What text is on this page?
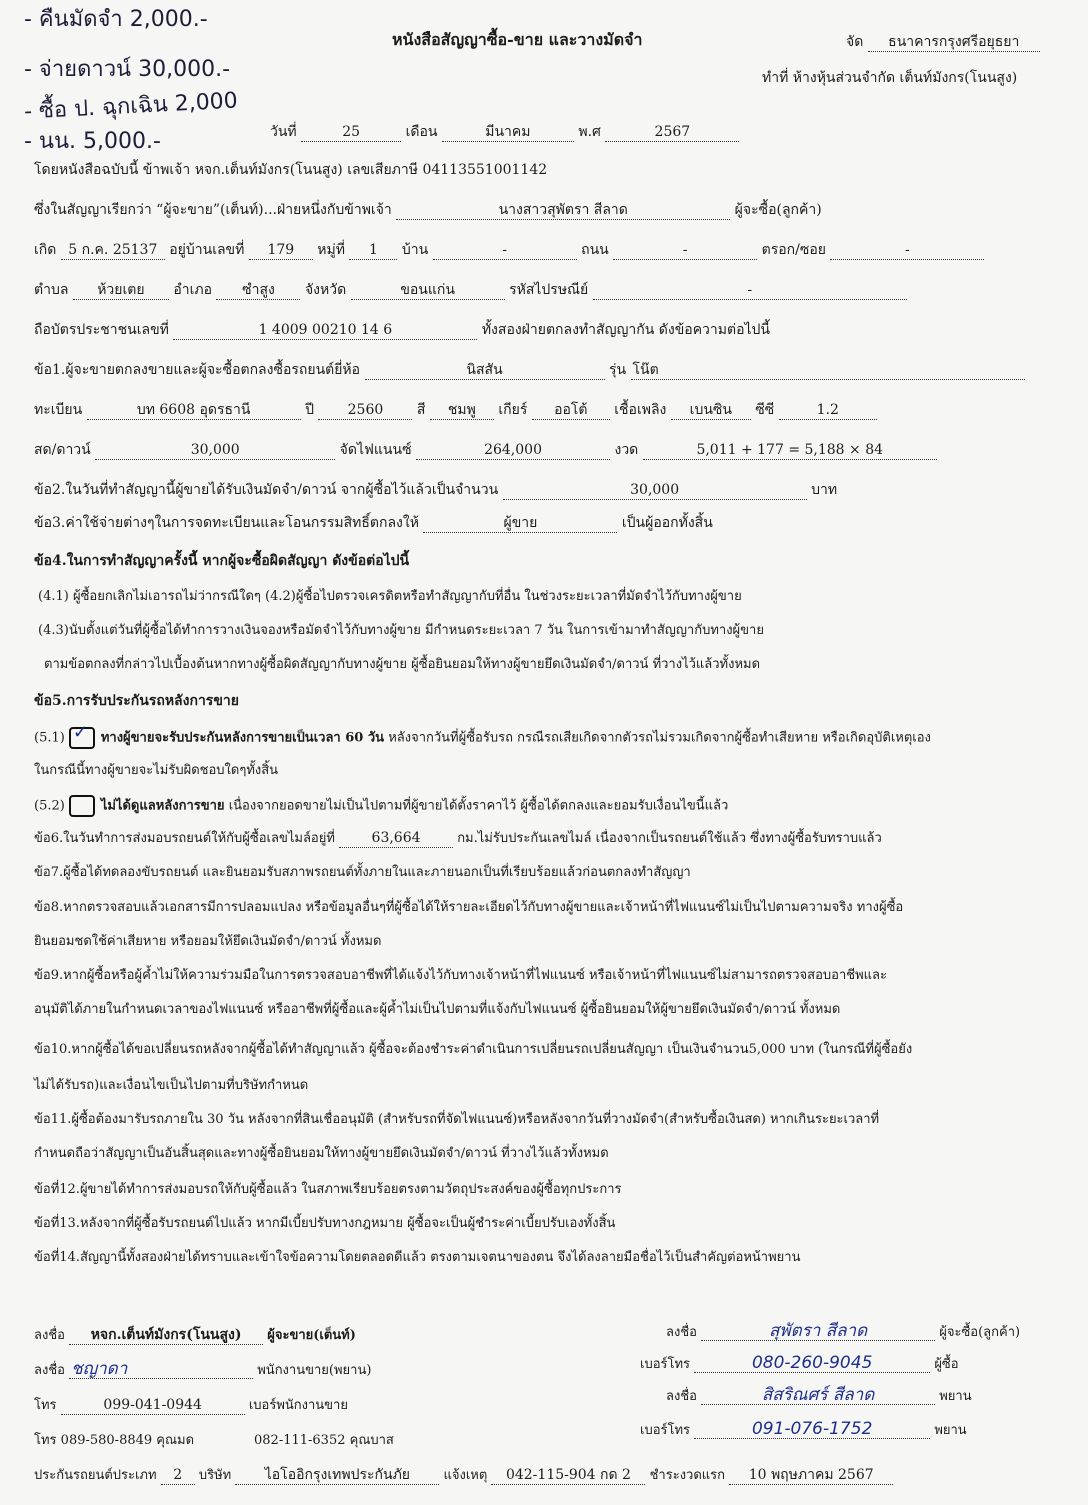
- คืนมัดจำ 2,000.-
- จ่ายดาวน์ 30,000.-
- ซื้อ ป. ฉุกเฉิน 2,000
- นน. 5,000.-
หนังสือสัญญาซื้อ-ขาย และวางมัดจำ	จัด ธนาคารกรุงศรีอยุธยา
ทำที่ ห้างหุ้นส่วนจำกัด เต็นท์มังกร(โนนสูง)
วันที่	25	เดือน	มีนาคม	พ.ศ	2567
โดยหนังสือฉบับนี้ ข้าพเจ้า หจก.เต็นท์มังกร(โนนสูง) เลขเสียภาษี 0411355100114​2
ซึ่งในสัญญาเรียกว่า “ผู้จะขาย”(เต็นท์)...ฝ่ายหนึ่งกับข้าพเจ้า	นางสาวสุพัตรา สีลาด	ผู้จะซื้อ(ลูกค้า)
เกิด 5 ก.ค. 25137 อยู่บ้านเลขที่ 179 หมู่ที่ 1 บ้าน	-	ถนน	-	ตรอก/ซอย	-
ตำบล ห้วยเตย อำเภอ ซำสูง จังหวัด	ขอนแก่น	รหัสไปรษณีย์	-
ถือบัตรประชาชนเลขที่	1 4009 00210 14 6	ทั้งสองฝ่ายตกลงทำสัญญากัน ดังข้อความต่อไปนี้
ข้อ1.ผู้จะขายตกลงขายและผู้จะซื้อตกลงซื้อรถยนต์ยี่ห้อ	นิสสัน	รุ่น โน๊ต
ทะเบียน	บท 6608 อุดรธานี	ปี 2560 สี ชมพู เกียร์ ออโต้ เชื้อเพลิง เบนซิน ซีซี	1.2
สด/ดาวน์	30,000	จัดไฟแนนซ์	264,000	งวด	5,011 + 177 = 5,188 × 84
ข้อ2.ในวันที่ทำสัญญานี้ผู้ขายได้รับเงินมัดจำ/ดาวน์ จากผู้ซื้อไว้แล้วเป็นจำนวน	30,000	บาท
ข้อ3.ค่าใช้จ่ายต่างๆในการจดทะเบียนและโอนกรรมสิทธิ์ตกลงให้	ผู้ขาย	เป็นผู้ออกทั้งสิ้น
ข้อ4.ในการทำสัญญาครั้งนี้ หากผู้จะซื้อผิดสัญญา ดังข้อต่อไปนี้
(4.1) ผู้ซื้อยกเลิกไม่เอารถไม่ว่ากรณีใดๆ (4.2)ผู้ซื้อไปตรวจเครดิตหรือทำสัญญากับที่อื่น ในช่วงระยะเวลาที่มัดจำไว้กับทางผู้ขาย
(4.3)นับตั้งแต่วันที่ผู้ซื้อได้ทำการวางเงินจองหรือมัดจำไว้กับทางผู้ขาย มีกำหนดระยะเวลา 7 วัน ในการเข้ามาทำสัญญากับทางผู้ขาย
ตามข้อตกลงที่กล่าวไปเบื้องต้นหากทางผู้ซื้อผิดสัญญากับทางผู้ขาย ผู้ซื้อยินยอมให้ทางผู้ขายยึดเงินมัดจำ/ดาวน์ ที่วางไว้แล้วทั้งหมด
ข้อ5.การรับประกันรถหลังการขาย
(5.1) ✓ ทางผู้ขายจะรับประกันหลังการขายเป็นเวลา 60 วัน หลังจากวันที่ผู้ซื้อรับรถ กรณีรถเสียเกิดจากตัวรถไม่รวมเกิดจากผู้ซื้อทำเสียหาย หรือเกิดอุบัติเหตุเอง
ในกรณีนี้ทางผู้ขายจะไม่รับผิดชอบใดๆทั้งสิ้น
(5.2)	ไม่ได้ดูแลหลังการขาย เนื่องจากยอดขายไม่เป็นไปตามที่ผู้ขายได้ตั้งราคาไว้ ผู้ซื้อได้ตกลงและยอมรับเงื่อนไขนี้แล้ว
ข้อ6.ในวันทำการส่งมอบรถยนต์ให้กับผู้ซื้อเลขไมล์อยู่ที่	63,664	กม.ไม่รับประกันเลขไมล์ เนื่องจากเป็นรถยนต์ใช้แล้ว ซึ่งทางผู้ซื้อรับทราบแล้ว
ข้อ7.ผู้ซื้อได้ทดลองขับรถยนต์ และยินยอมรับสภาพรถยนต์ทั้งภายในและภายนอกเป็นที่เรียบร้อยแล้วก่อนตกลงทำสัญญา
ข้อ8.หากตรวจสอบแล้วเอกสารมีการปลอมแปลง หรือข้อมูลอื่นๆที่ผู้ซื้อได้ให้รายละเอียดไว้กับทางผู้ขายและเจ้าหน้าที่ไฟแนนซ์ไม่เป็นไปตามความจริง ทางผู้ซื้อ
ยินยอมชดใช้ค่าเสียหาย หรือยอมให้ยึดเงินมัดจำ/ดาวน์ ทั้งหมด
ข้อ9.หากผู้ซื้อหรือผู้ค้ำไม่ให้ความร่วมมือในการตรวจสอบอาชีพที่ได้แจ้งไว้กับทางเจ้าหน้าที่ไฟแนนซ์ หรือเจ้าหน้าที่ไฟแนนซ์ไม่สามารถตรวจสอบอาชีพและ
อนุมัติได้ภายในกำหนดเวลาของไฟแนนซ์ หรืออาชีพที่ผู้ซื้อและผู้ค้ำไม่เป็นไปตามที่แจ้งกับไฟแนนซ์ ผู้ซื้อยินยอมให้ผู้ขายยึดเงินมัดจำ/ดาวน์ ทั้งหมด
ข้อ10.หากผู้ซื้อได้ขอเปลี่ยนรถหลังจากผู้ซื้อได้ทำสัญญาแล้ว ผู้ซื้อจะต้องชำระค่าดำเนินการเปลี่ยนรถเปลี่ยนสัญญา เป็นเงินจำนวน5,000 บาท (ในกรณีที่ผู้ซื้อยัง
ไม่ได้รับรถ)และเงื่อนไขเป็นไปตามที่บริษัทกำหนด
ข้อ11.ผู้ซื้อต้องมารับรถภายใน 30 วัน หลังจากที่สินเชื่ออนุมัติ (สำหรับรถที่จัดไฟแนนซ์)หรือหลังจากวันที่วางมัดจำ(สำหรับซื้อเงินสด) หากเกินระยะเวลาที่
กำหนดถือว่าสัญญาเป็นอันสิ้นสุดและทางผู้ซื้อยินยอมให้ทางผู้ขายยึดเงินมัดจำ/ดาวน์ ที่วางไว้แล้วทั้งหมด
ข้อที่12.ผู้ขายได้ทำการส่งมอบรถให้กับผู้ซื้อแล้ว ในสภาพเรียบร้อยตรงตามวัตถุประสงค์ของผู้ซื้อทุกประการ
ข้อที่13.หลังจากที่ผู้ซื้อรับรถยนต์ไปแล้ว หากมีเบี้ยปรับทางกฎหมาย ผู้ซื้อจะเป็นผู้ชำระค่าเบี้ยปรับเองทั้งสิ้น
ข้อที่14.สัญญานี้ทั้งสองฝ่ายได้ทราบและเข้าใจข้อความโดยตลอดดีแล้ว ตรงตามเจตนาของตน จึงได้ลงลายมือชื่อไว้เป็นสำคัญต่อหน้าพยาน
ลงชื่อ หจก.เต็นท์มังกร(โนนสูง) ผู้จะขาย(เต็นท์)
ลงชื่อ ชญาดา	พนักงานขาย(พยาน)
โทร	099-041-0944	เบอร์พนักงานขาย
โทร 089-580-8849 คุณมด	082-111-6352 คุณบาส
ลงชื่อ	สุพัตรา สีลาด	ผู้จะซื้อ(ลูกค้า)
เบอร์โทร	080-260-9045	ผู้ซื้อ
ลงชื่อ	สิสริณศร์ สีลาด	พยาน
เบอร์โทร	091-076-1752	พยาน
ประกันรถยนต์ประเภท 2 บริษัท ไอโออิกรุงเทพประกันภัย	แจ้งเหตุ 042-115-904 กด 2 ชำระงวดแรก 10 พฤษภาคม 2567
